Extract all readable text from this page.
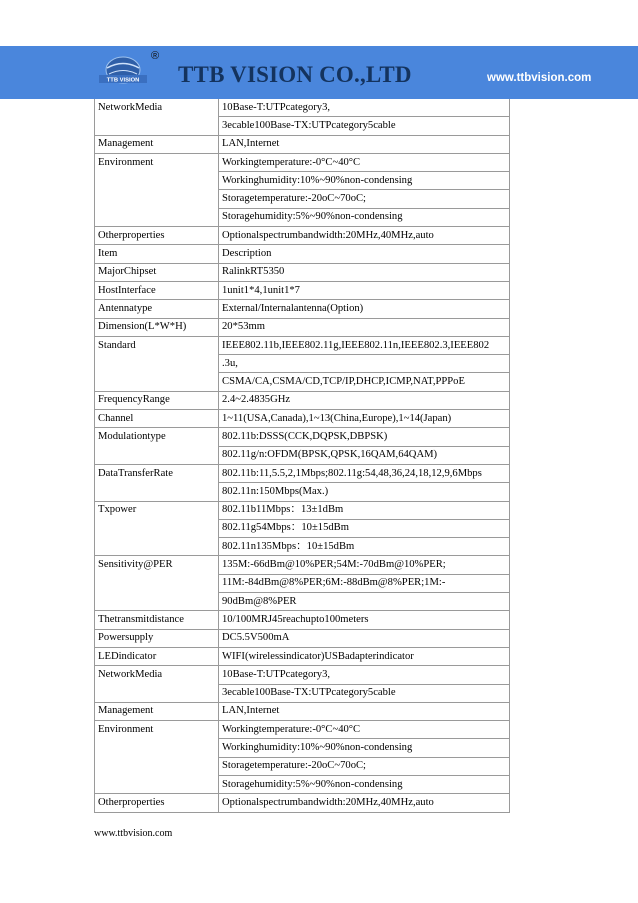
TTB VISION
®
TTB VISION CO.,LTD	www.ttbvision.com
NetworkMedia	10Base-T:UTPcategory3,
	3ecable100Base-TX:UTPcategory5cable
Management	LAN,Internet
Environment	Workingtemperature:-0°C~40°C
	Workinghumidity:10%~90%non-condensing
	Storagetemperature:-20oC~70oC;
	Storagehumidity:5%~90%non-condensing
Otherproperties	Optionalspectrumbandwidth:20MHz,40MHz,auto
Item	Description
MajorChipset	RalinkRT5350
HostInterface	1unit1*4,1unit1*7
Antennatype	External/Internalantenna(Option)
Dimension(L*W*H)	20*53mm
Standard	IEEE802.11b,IEEE802.11g,IEEE802.11n,IEEE802.3,IEEE802
	.3u,
	CSMA/CA,CSMA/CD,TCP/IP,DHCP,ICMP,NAT,PPPoE
FrequencyRange	2.4~2.4835GHz
Channel	1~11(USA,Canada),1~13(China,Europe),1~14(Japan)
Modulationtype	802.11b:DSSS(CCK,DQPSK,DBPSK)
	802.11g/n:OFDM(BPSK,QPSK,16QAM,64QAM)
DataTransferRate	802.11b:11,5.5,2,1Mbps;802.11g:54,48,36,24,18,12,9,6Mbps
	802.11n:150Mbps(Max.)
Txpower	802.11b11Mbps：13±1dBm
	802.11g54Mbps：10±15dBm
	802.11n135Mbps：10±15dBm
Sensitivity@PER	135M:-66dBm@10%PER;54M:-70dBm@10%PER;
	11M:-84dBm@8%PER;6M:-88dBm@8%PER;1M:-
	90dBm@8%PER
Thetransmitdistance	10/100MRJ45reachupto100meters
Powersupply	DC5.5V500mA
LEDindicator	WIFI(wirelessindicator)USBadapterindicator
NetworkMedia	10Base-T:UTPcategory3,
	3ecable100Base-TX:UTPcategory5cable
Management	LAN,Internet
Environment	Workingtemperature:-0°C~40°C
	Workinghumidity:10%~90%non-condensing
	Storagetemperature:-20oC~70oC;
	Storagehumidity:5%~90%non-condensing
Otherproperties	Optionalspectrumbandwidth:20MHz,40MHz,auto
www.ttbvision.com
